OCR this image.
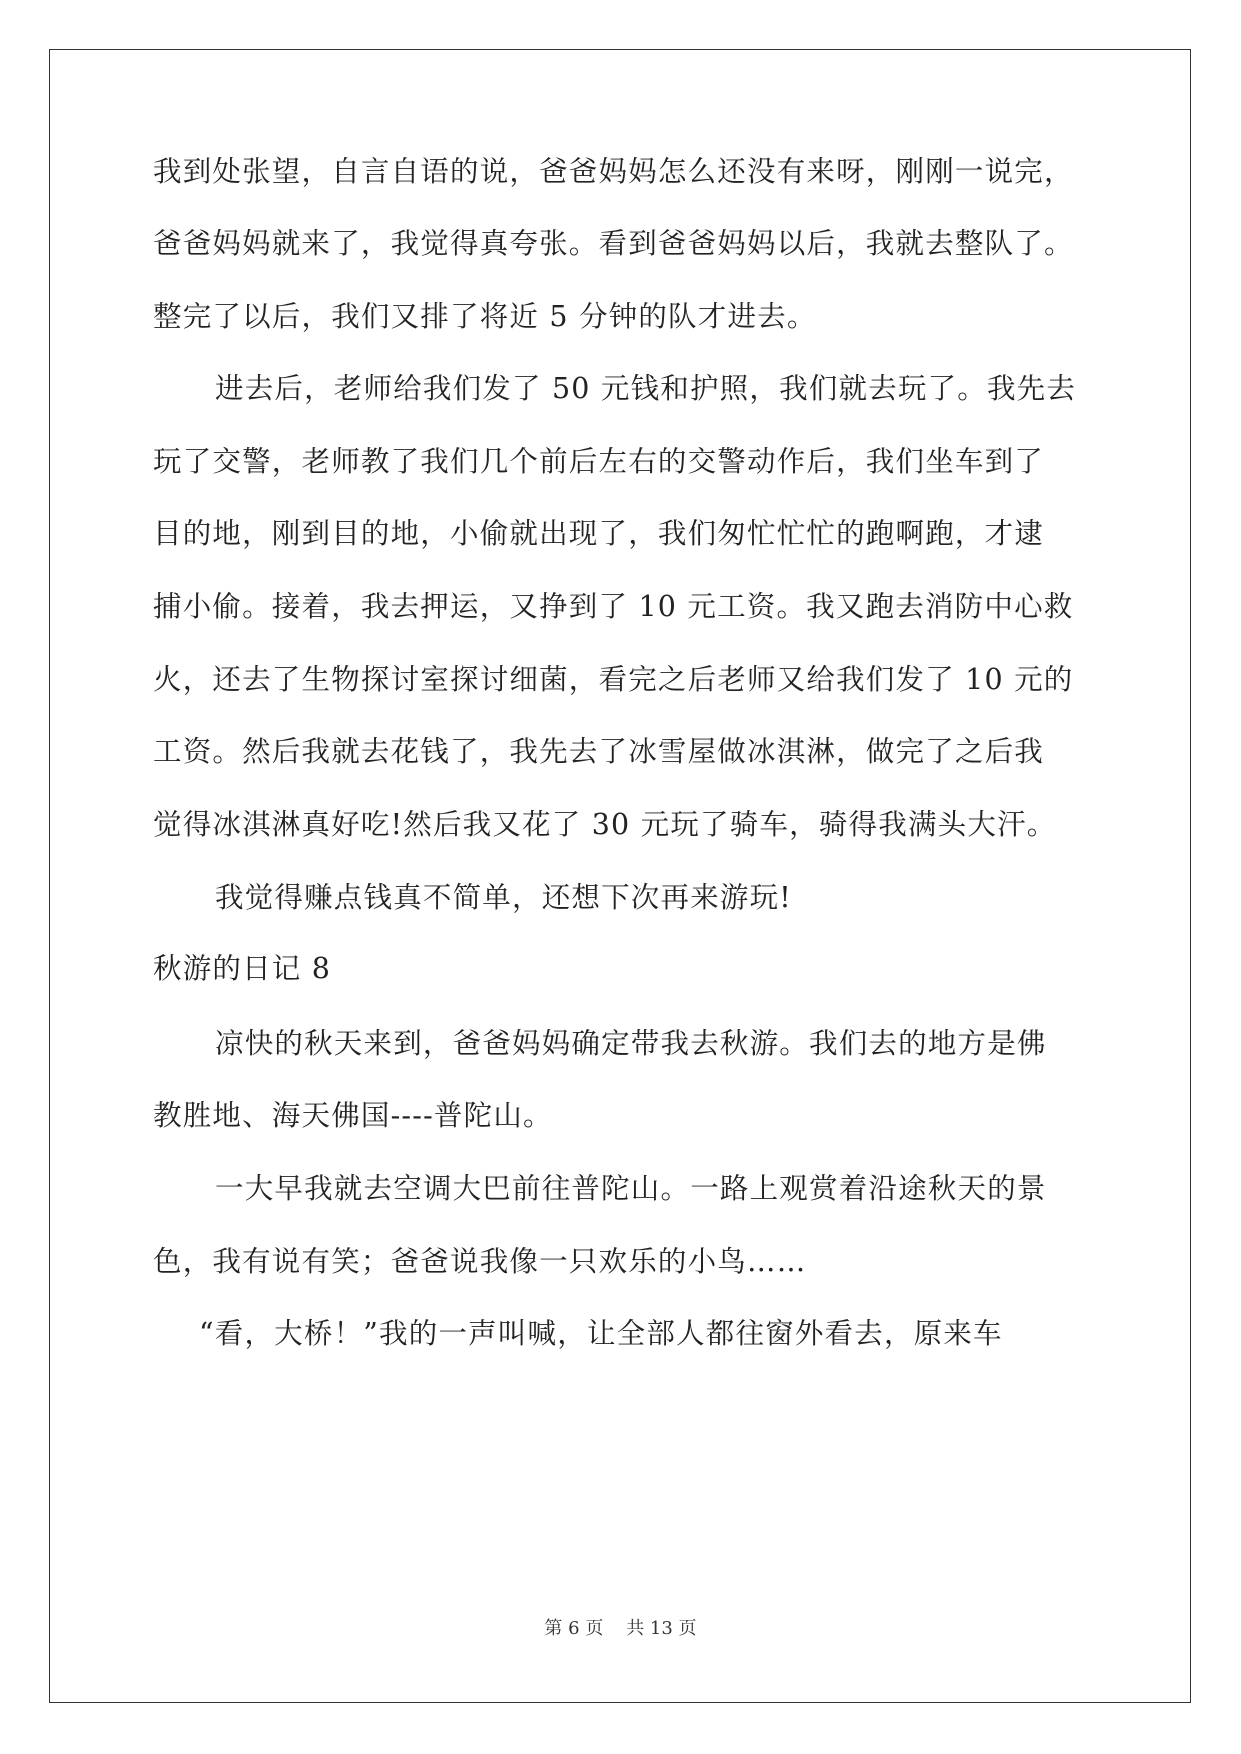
我到处张望，自言自语的说，爸爸妈妈怎么还没有来呀，刚刚一说完，
爸爸妈妈就来了，我觉得真夸张。看到爸爸妈妈以后，我就去整队了。
整完了以后，我们又排了将近 5 分钟的队才进去。
进去后，老师给我们发了 50 元钱和护照，我们就去玩了。我先去
玩了交警，老师教了我们几个前后左右的交警动作后，我们坐车到了
目的地，刚到目的地，小偷就出现了，我们匆忙忙忙的跑啊跑，才逮
捕小偷。接着，我去押运，又挣到了 10 元工资。我又跑去消防中心救
火，还去了生物探讨室探讨细菌，看完之后老师又给我们发了 10 元的
工资。然后我就去花钱了，我先去了冰雪屋做冰淇淋，做完了之后我
觉得冰淇淋真好吃!然后我又花了 30 元玩了骑车，骑得我满头大汗。
我觉得赚点钱真不简单，还想下次再来游玩!
秋游的日记 8
凉快的秋天来到，爸爸妈妈确定带我去秋游。我们去的地方是佛
教胜地、海天佛国----普陀山。
一大早我就去空调大巴前往普陀山。一路上观赏着沿途秋天的景
色，我有说有笑；爸爸说我像一只欢乐的小鸟……
“看，大桥！”我的一声叫喊，让全部人都往窗外看去，原来车
第 6 页    共 13 页
